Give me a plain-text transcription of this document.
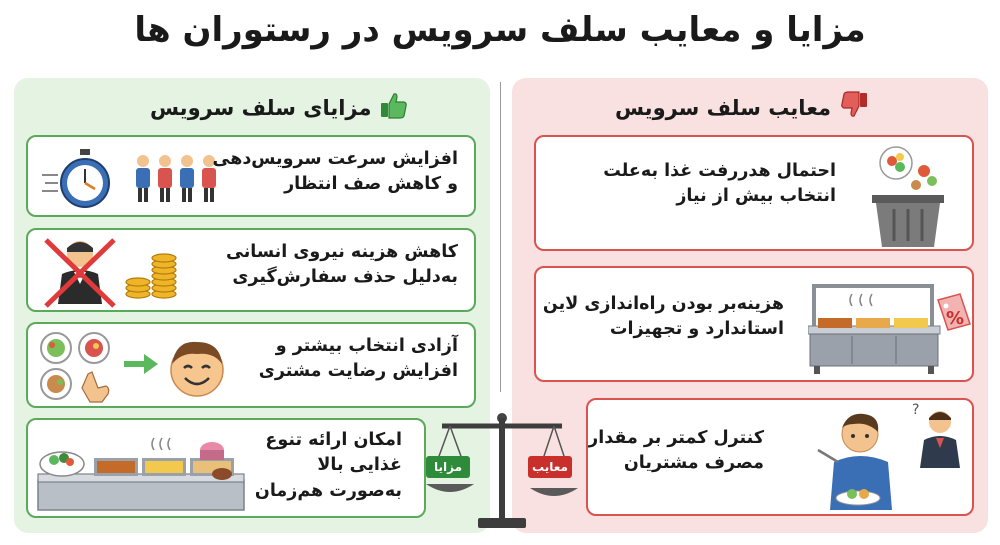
مزایا و معایب سلف سرویس در رستوران ها
مزایای سلف سرویس	معایب سلف سرویس
افزایش سرعت سرویس‌دهی
و کاهش صف انتظار
کاهش هزینه نیروی انسانی
به‌دلیل حذف سفارش‌گیری
آزادی انتخاب بیشتر و
افزایش رضایت مشتری
امکان ارائه تنوع
غذایی بالا
به‌صورت هم‌زمان
مزایا	معایب
احتمال هدررفت غذا به‌علت
انتخاب بیش از نیاز
%
هزینه‌بر بودن راه‌اندازی لاین
استاندارد و تجهیزات
?
کنترل کمتر بر مقدار
مصرف مشتریان
